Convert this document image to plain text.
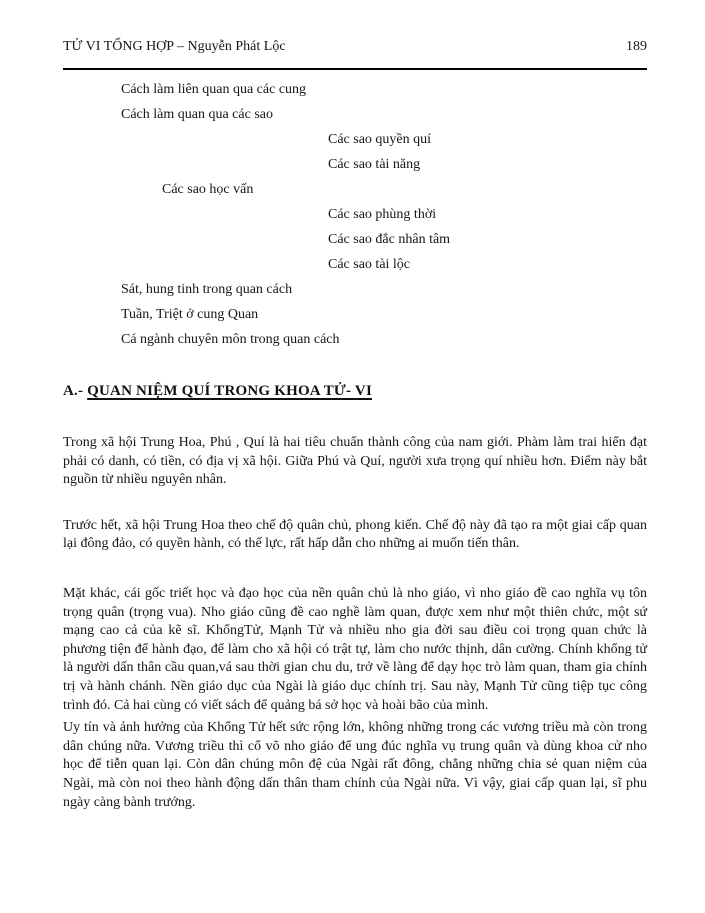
TỬ VI TỔNG HỢP – Nguyễn Phát Lộc	189
Cách làm liên quan qua các cung
Cách làm quan qua các sao
Các sao quyền quí
Các sao tài năng
Các sao học vấn
Các sao phùng thời
Các sao đắc nhân tâm
Các sao tài lộc
Sát, hung tinh trong quan cách
Tuần, Triệt ở cung Quan
Cá ngành chuyên môn trong quan cách
A.- QUAN NIỆM QUÍ TRONG KHOA TỬ- VI

Trong xã hội Trung Hoa, Phú , Quí là hai tiêu chuẩn thành công của nam giới. Phàm làm trai hiển đạt phải có danh, có tiền, có địa vị xã hội. Giữa Phú và Quí, người xưa trọng quí nhiều hơn. Điểm này bắt nguồn từ nhiều nguyên nhân.

Trước hết, xã hội Trung Hoa theo chế độ quân chủ, phong kiến. Chế độ này đã tạo ra một giai cấp quan lại đông đảo, có quyền hành, có thế lực, rất hấp dẫn cho những ai muốn tiến thân.

Mặt khác, cái gốc triết học và đạo học của nền quân chủ là nho giáo, vì nho giáo đề cao nghĩa vụ tôn trọng quân (trọng vua). Nho giáo cũng đề cao nghề làm quan, được xem như một thiên chức, một sứ mạng cao cả của kẽ sĩ. KhổngTử, Mạnh Tử và nhiều nho gia đời sau điều coi trọng quan chức là phương tiện để hành đạo, để làm cho xã hội có trật tự, làm cho nước thịnh, dân cường. Chính khổng tử là người dấn thân cầu quan,vá sau thời gian chu du, trở về làng để dạy học trò làm quan, tham gia chính trị và hành chánh. Nền giáo dục của Ngài là giáo dục chính trị. Sau này, Mạnh Tử cũng tiệp tục công trình đó. Cả hai cùng có viết sách để quảng bá sở học và hoài bão của mình.

Uy tín và ảnh hưởng của Khổng Tử hết sức rộng lớn, không những trong các vương triều mà còn trong dân chúng nữa. Vương triều thì cổ võ nho giáo để ung đúc nghĩa vụ trung quân và dùng khoa cử nho học để tiễn quan lại. Còn dân chúng môn đệ của Ngài rất đông, chẳng những chia sẻ quan niệm của Ngài, mà còn noi theo hành động dấn thân tham chính của Ngài nữa. Vì vậy, giai cấp quan lại, sĩ phu ngày càng bành trướng.
